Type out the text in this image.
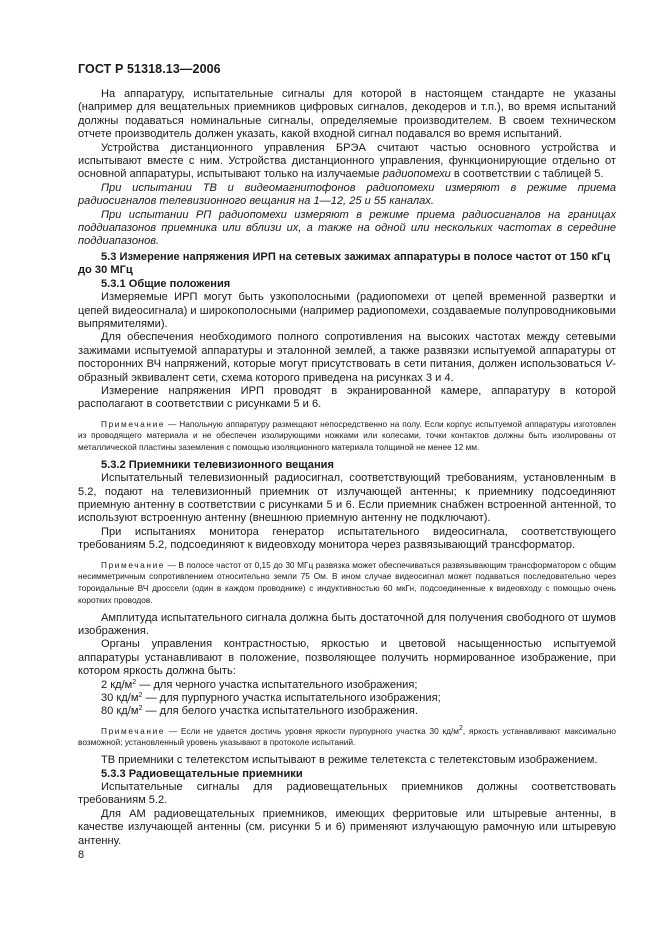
ГОСТ Р 51318.13—2006

На аппаратуру, испытательные сигналы для которой в настоящем стандарте не указаны (например для вещательных приемников цифровых сигналов, декодеров и т.п.), во время испытаний должны подаваться номинальные сигналы, определяемые производителем. В своем техническом отчете производитель должен указать, какой входной сигнал подавался во время испытаний.

Устройства дистанционного управления БРЭА считают частью основного устройства и испытывают вместе с ним. Устройства дистанционного управления, функционирующие отдельно от основной аппаратуры, испытывают только на излучаемые радиопомехи в соответствии с таблицей 5.

При испытании ТВ и видеомагнитофонов радиопомехи измеряют в режиме приема радиосигналов телевизионного вещания на 1—12, 25 и 55 каналах.

При испытании РП радиопомехи измеряют в режиме приема радиосигналов на границах поддиапазонов приемника или вблизи их, а также на одной или нескольких частотах в середине поддиапазонов.

5.3 Измерение напряжения ИРП на сетевых зажимах аппаратуры в полосе частот от 150 кГц до 30 МГц
5.3.1 Общие положения

Измеряемые ИРП могут быть узкополосными (радиопомехи от цепей временной развертки и цепей видеосигнала) и широкополосными (например радиопомехи, создаваемые полупроводниковыми выпрямителями).

Для обеспечения необходимого полного сопротивления на высоких частотах между сетевыми зажимами испытуемой аппаратуры и эталонной землей, а также развязки испытуемой аппаратуры от посторонних ВЧ напряжений, которые могут присутствовать в сети питания, должен использоваться V-образный эквивалент сети, схема которого приведена на рисунках 3 и 4.

Измерение напряжения ИРП проводят в экранированной камере, аппаратуру в которой располагают в соответствии с рисунками 5 и 6.

Примечание — Напольную аппаратуру размещают непосредственно на полу. Если корпус испытуемой аппаратуры изготовлен из проводящего материала и не обеспечен изолирующими ножками или колесами, точки контактов должны быть изолированы от металлической пластины заземления с помощью изоляционного материала толщиной не менее 12 мм.
5.3.2 Приемники телевизионного вещания

Испытательный телевизионный радиосигнал, соответствующий требованиям, установленным в 5.2, подают на телевизионный приемник от излучающей антенны; к приемнику подсоединяют приемную антенну в соответствии с рисунками 5 и 6. Если приемник снабжен встроенной антенной, то используют встроенную антенну (внешнюю приемную антенну не подключают).

При испытаниях монитора генератор испытательного видеосигнала, соответствующего требованиям 5.2, подсоединяют к видеовходу монитора через развязывающий трансформатор.

Примечание — В полосе частот от 0,15 до 30 МГц развязка может обеспечиваться развязывающим трансформатором с общим несимметричным сопротивлением относительно земли 75 Ом. В ином случае видеосигнал может подаваться последовательно через тороидальные ВЧ дроссели (один в каждом проводнике) с индуктивностью 60 мкГн, подсоединенные к видеовходу с помощью очень коротких проводов.

Амплитуда испытательного сигнала должна быть достаточной для получения свободного от шумов изображения.

Органы управления контрастностью, яркостью и цветовой насыщенностью испытуемой аппаратуры устанавливают в положение, позволяющее получить нормированное изображение, при котором яркость должна быть:

2 $кд/м^2$ — для черного участка испытательного изображения;

30 $кд/м^2$ — для пурпурного участка испытательного изображения;

80 $кд/м^2$ — для белого участка испытательного изображения.

Примечание — Если не удается достичь уровня яркости пурпурного участка 30 $кд/м^2$, яркость устанавливают максимально возможной; установленный уровень указывают в протоколе испытаний.

ТВ приемники с телетекстом испытывают в режиме телетекста с телетекстовым изображением.

5.3.3 Радиовещательные приемники

Испытательные сигналы для радиовещательных приемников должны соответствовать требованиям 5.2.

Для АМ радиовещательных приемников, имеющих ферритовые или штыревые антенны, в качестве излучающей антенны (см. рисунки 5 и 6) применяют излучающую рамочную или штыревую антенну.

8
